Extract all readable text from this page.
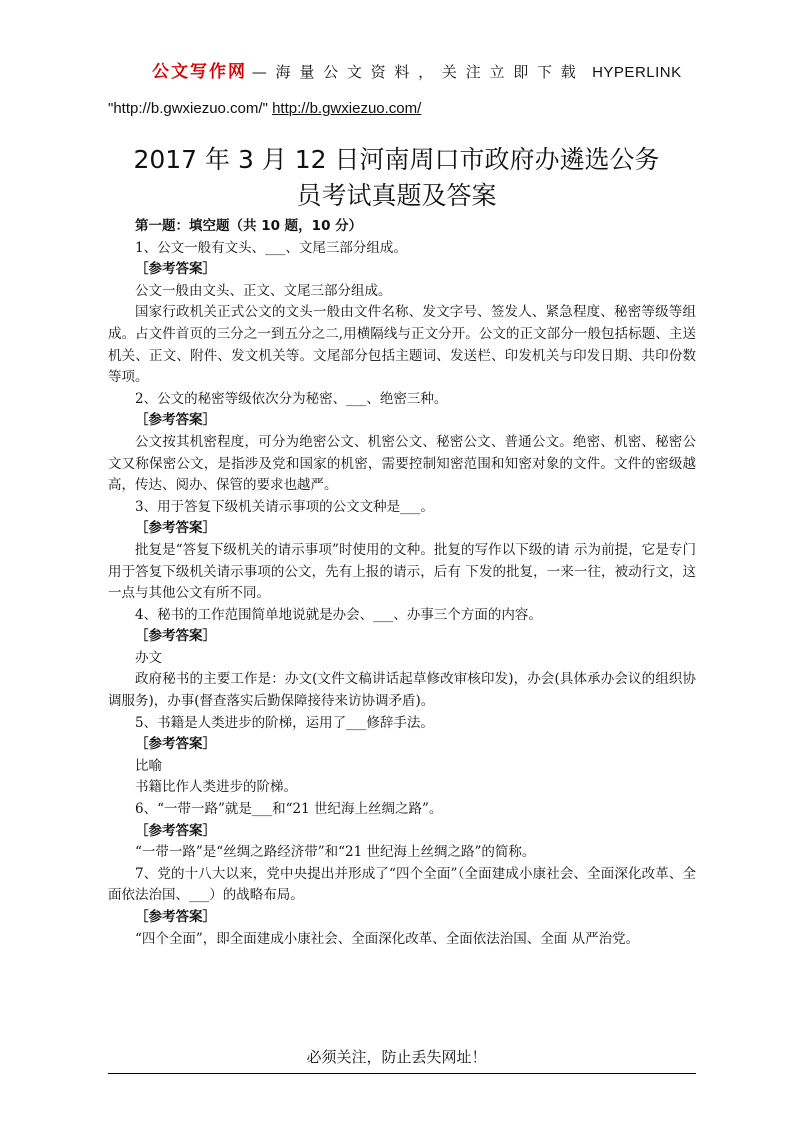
公文写作网 — 海 量 公 文 资 料 ， 关 注 立 即 下 载 HYPERLINK
"http://b.gwxiezuo.com/" http://b.gwxiezuo.com/
2017 年 3 月 12 日河南周口市政府办遴选公务
员考试真题及答案

第一题：填空题（共 10 题，10 分）

1、公文一般有文头、___、文尾三部分组成。

［参考答案］

公文一般由文头、正文、文尾三部分组成。

国家行政机关正式公文的文头一般由文件名称、发文字号、签发人、紧急程度、秘密等级等组成。占文件首页的三分之一到五分之二,用横隔线与正文分开。公文的正文部分一般包括标题、主送机关、正文、附件、发文机关等。文尾部分包括主题词、发送栏、印发机关与印发日期、共印份数等项。

2、公文的秘密等级依次分为秘密、___、绝密三种。

［参考答案］

公文按其机密程度，可分为绝密公文、机密公文、秘密公文、普通公文。绝密、机密、秘密公文又称保密公文，是指涉及党和国家的机密，需要控制知密范围和知密对象的文件。文件的密级越高，传达、阅办、保管的要求也越严。

3、用于答复下级机关请示事项的公文文种是___。

［参考答案］

批复是“答复下级机关的请示事项”时使用的文种。批复的写作以下级的请 示为前提，它是专门用于答复下级机关请示事项的公文，先有上报的请示，后有 下发的批复，一来一往，被动行文，这一点与其他公文有所不同。

4、秘书的工作范围简单地说就是办会、___、办事三个方面的内容。

［参考答案］

办文

政府秘书的主要工作是：办文(文件文稿讲话起草修改审核印发)，办会(具体承办会议的组织协调服务)，办事(督查落实后勤保障接待来访协调矛盾)。

5、书籍是人类进步的阶梯，运用了___修辞手法。

［参考答案］

比喻

书籍比作人类进步的阶梯。

6、“一带一路”就是___和“21 世纪海上丝绸之路”。

［参考答案］

“一带一路”是“丝绸之路经济带”和“21 世纪海上丝绸之路”的简称。

7、党的十八大以来，党中央提出并形成了“四个全面”（全面建成小康社会、全面深化改革、全面依法治国、___）的战略布局。

［参考答案］

“四个全面”，即全面建成小康社会、全面深化改革、全面依法治国、全面 从严治党。

必须关注，防止丢失网址！
